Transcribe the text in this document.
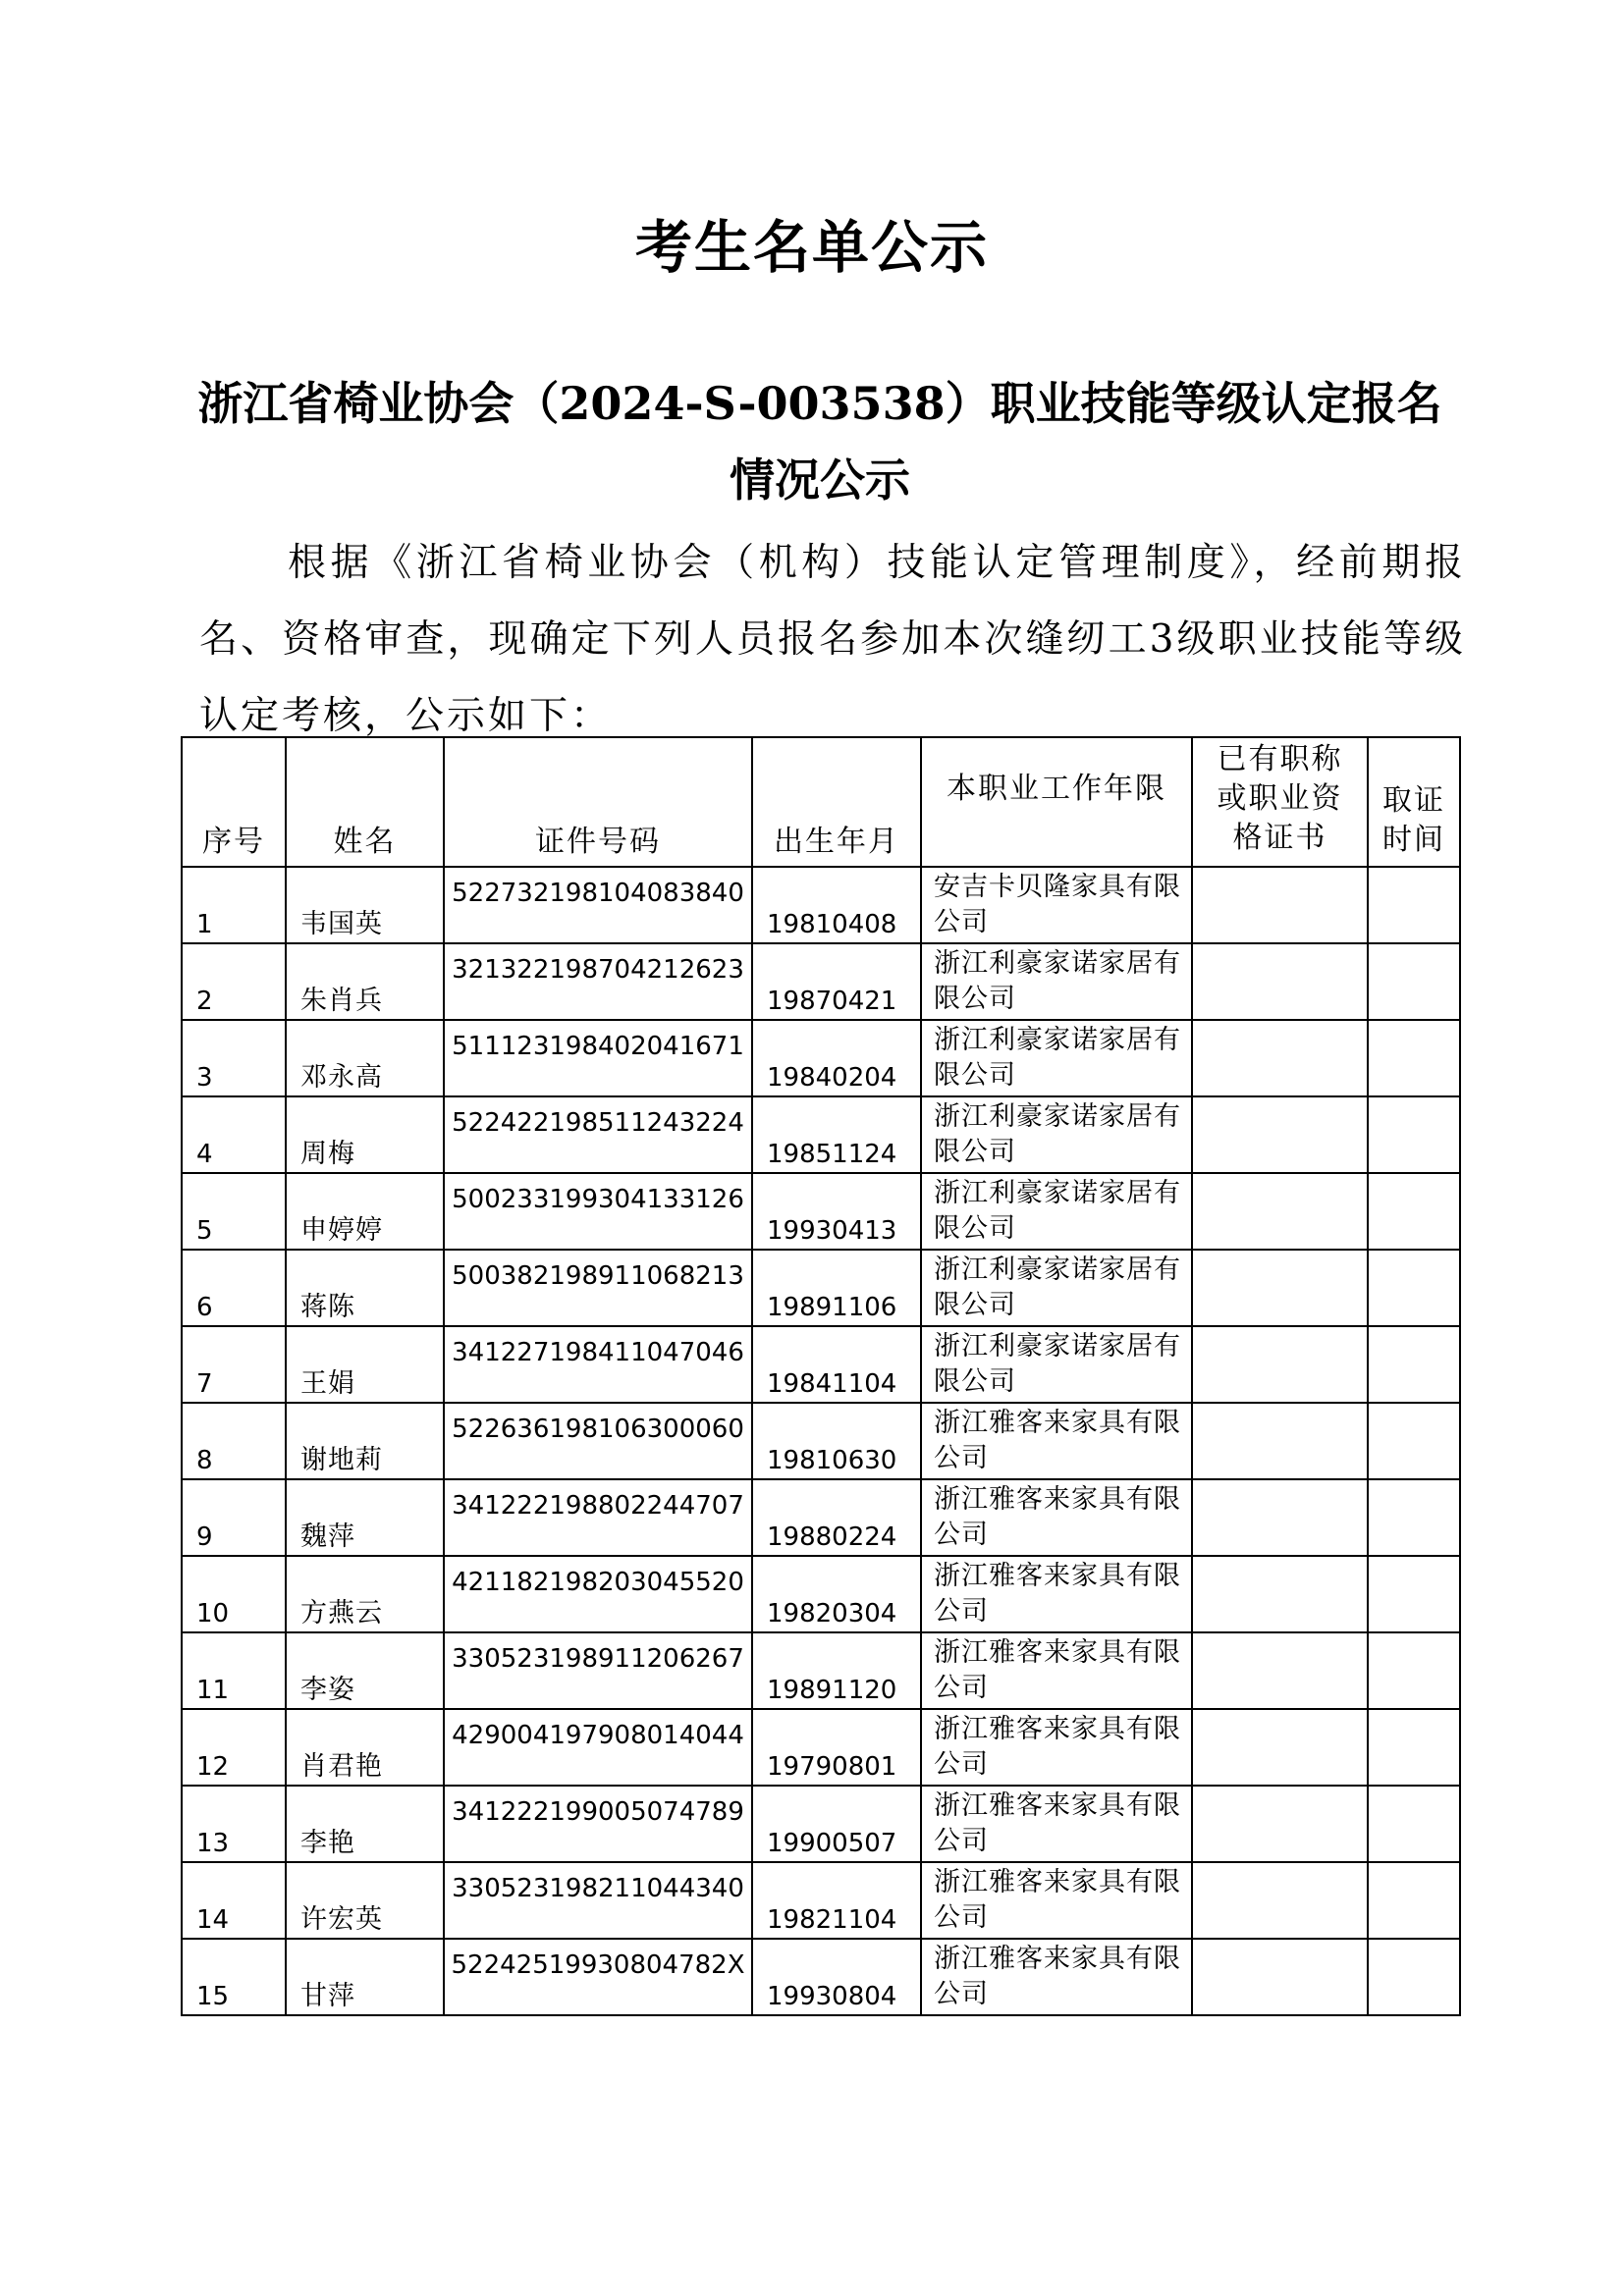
考生名单公示
浙江省椅业协会（2024-S-003538）职业技能等级认定报名情况公示

根据《浙江省椅业协会（机构）技能认定管理制度》，经前期报名、资格审查，现确定下列人员报名参加本次缝纫工3级职业技能等级认定考核，公示如下：

序号	姓名	证件号码	出生年月	本职业工作年限	已有职称
或职业资
格证书	取证
时间

1	韦国英	522732198104083840	19810408	安吉卡贝隆家具有限公司		

2	朱肖兵	321322198704212623	19870421	浙江利豪家诺家居有限公司		

3	邓永高	511123198402041671	19840204	浙江利豪家诺家居有限公司		

4	周梅	522422198511243224	19851124	浙江利豪家诺家居有限公司		

5	申婷婷	500233199304133126	19930413	浙江利豪家诺家居有限公司		

6	蒋陈	500382198911068213	19891106	浙江利豪家诺家居有限公司		

7	王娟	341227198411047046	19841104	浙江利豪家诺家居有限公司		

8	谢地莉	522636198106300060	19810630	浙江雅客来家具有限公司		

9	魏萍	341222198802244707	19880224	浙江雅客来家具有限公司		

10	方燕云	421182198203045520	19820304	浙江雅客来家具有限公司		

11	李姿	330523198911206267	19891120	浙江雅客来家具有限公司		

12	肖君艳	429004197908014044	19790801	浙江雅客来家具有限公司		

13	李艳	341222199005074789	19900507	浙江雅客来家具有限公司		

14	许宏英	330523198211044340	19821104	浙江雅客来家具有限公司		

15	甘萍	52242519930804782X	19930804	浙江雅客来家具有限公司		
